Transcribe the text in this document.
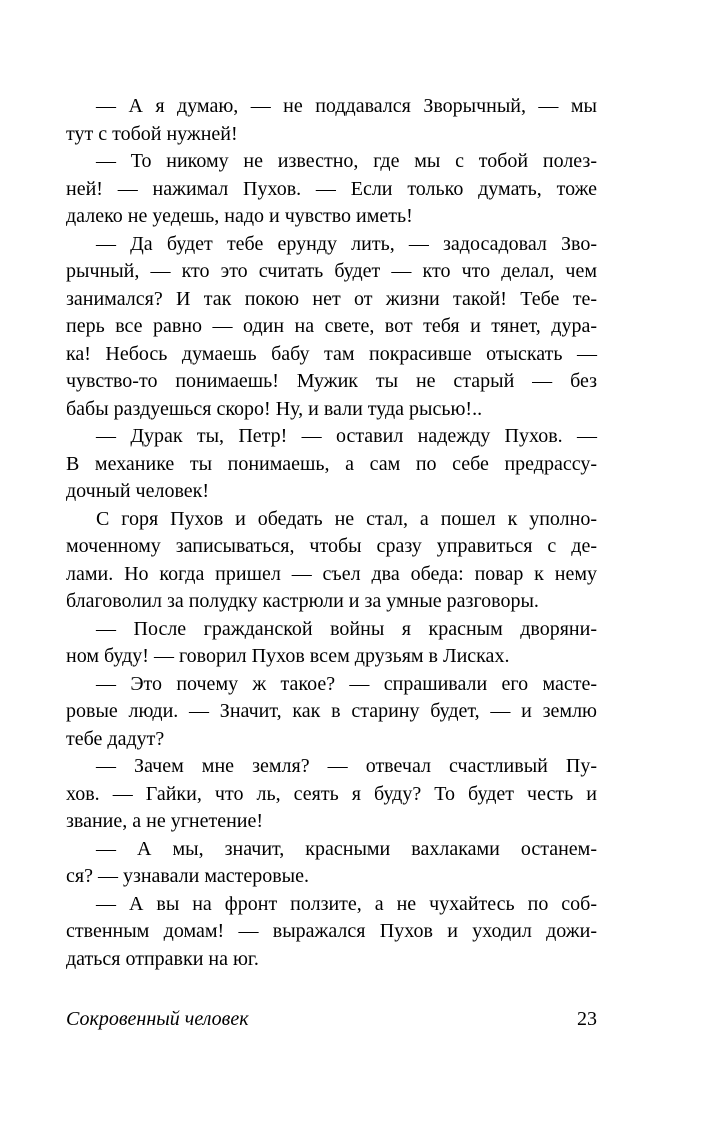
— А я думаю, — не поддавался Зворычный, — мы
тут с тобой нужней!
— То никому не известно, где мы с тобой полез-
ней! — нажимал Пухов. — Если только думать, тоже
далеко не уедешь, надо и чувство иметь!
— Да будет тебе ерунду лить, — задосадовал Зво-
рычный, — кто это считать будет — кто что делал, чем
занимался? И так покою нет от жизни такой! Тебе те-
перь все равно — один на свете, вот тебя и тянет, дура-
ка! Небось думаешь бабу там покрасивше отыскать —
чувство-то понимаешь! Мужик ты не старый — без
бабы раздуешься скоро! Ну, и вали туда рысью!..
— Дурак ты, Петр! — оставил надежду Пухов. —
В механике ты понимаешь, а сам по себе предрассу-
дочный человек!
С горя Пухов и обедать не стал, а пошел к уполно-
моченному записываться, чтобы сразу управиться с де-
лами. Но когда пришел — съел два обеда: повар к нему
благоволил за полудку кастрюли и за умные разговоры.
— После гражданской войны я красным дворяни-
ном буду! — говорил Пухов всем друзьям в Лисках.
— Это почему ж такое? — спрашивали его масте-
ровые люди. — Значит, как в старину будет, — и землю
тебе дадут?
— Зачем мне земля? — отвечал счастливый Пу-
хов. — Гайки, что ль, сеять я буду? То будет честь и
звание, а не угнетение!
— А мы, значит, красными вахлаками останем-
ся? — узнавали мастеровые.
— А вы на фронт ползите, а не чухайтесь по соб-
ственным домам! — выражался Пухов и уходил дожи-
даться отправки на юг.
Сокровенный человек	23
